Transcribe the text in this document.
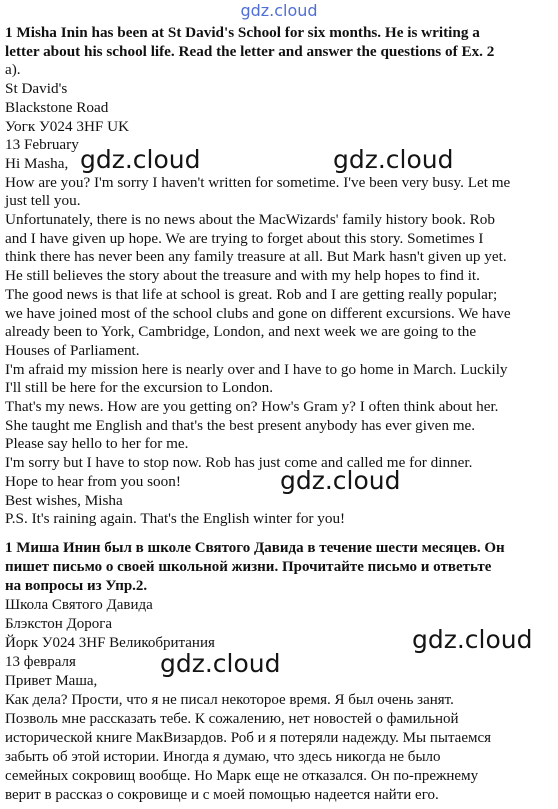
gdz.cloud

1 Misha Inin has been at St David's School for six months. He is writing a

letter about his school life. Read the letter and answer the questions of Ex. 2

a).

St David's

Blackstone Road

Уогк У024 3HF UK

13 February

Hi Masha,

How are you? I'm sorry I haven't written for sometime. I've been very busy. Let me

just tell you.

Unfortunately, there is no news about the MacWizards' family history book. Rob

and I have given up hope. We are trying to forget about this story. Sometimes I

think there has never been any family treasure at all. But Mark hasn't given up yet.

He still believes the story about the treasure and with my help hopes to find it.

The good news is that life at school is great. Rob and I are getting really popular;

we have joined most of the school clubs and gone on different excursions. We have

already been to York, Cambridge, London, and next week we are going to the

Houses of Parliament.

I'm afraid my mission here is nearly over and I have to go home in March. Luckily

I'll still be here for the excursion to London.

That's my news. How are you getting on? How's Gram y? I often think about her.

She taught me English and that's the best present anybody has ever given me.

Please say hello to her for me.

I'm sorry but I have to stop now. Rob has just come and called me for dinner.

Hope to hear from you soon!

Best wishes, Misha

P.S. It's raining again. That's the English winter for you!

1 Миша Инин был в школе Святого Давида в течение шести месяцев. Он

пишет письмо о своей школьной жизни. Прочитайте письмо и ответьте

на вопросы из Упр.2.

Школа Святого Давида

Блэкстон Дорога

Йорк У024 3HF Великобритания

13 февраля

Привет Маша,

Как дела? Прости, что я не писал некоторое время. Я был очень занят.

Позволь мне рассказать тебе. К сожалению, нет новостей о фамильной

исторической книге МакВизардов. Роб и я потеряли надежду. Мы пытаемся

забыть об этой истории. Иногда я думаю, что здесь никогда не было

семейных сокровищ вообще. Но Марк еще не отказался. Он по-прежнему

верит в рассказ о сокровище и с моей помощью надеется найти его.

gdz.cloud	gdz.cloud
gdz.cloud
gdz.cloud
gdz.cloud
